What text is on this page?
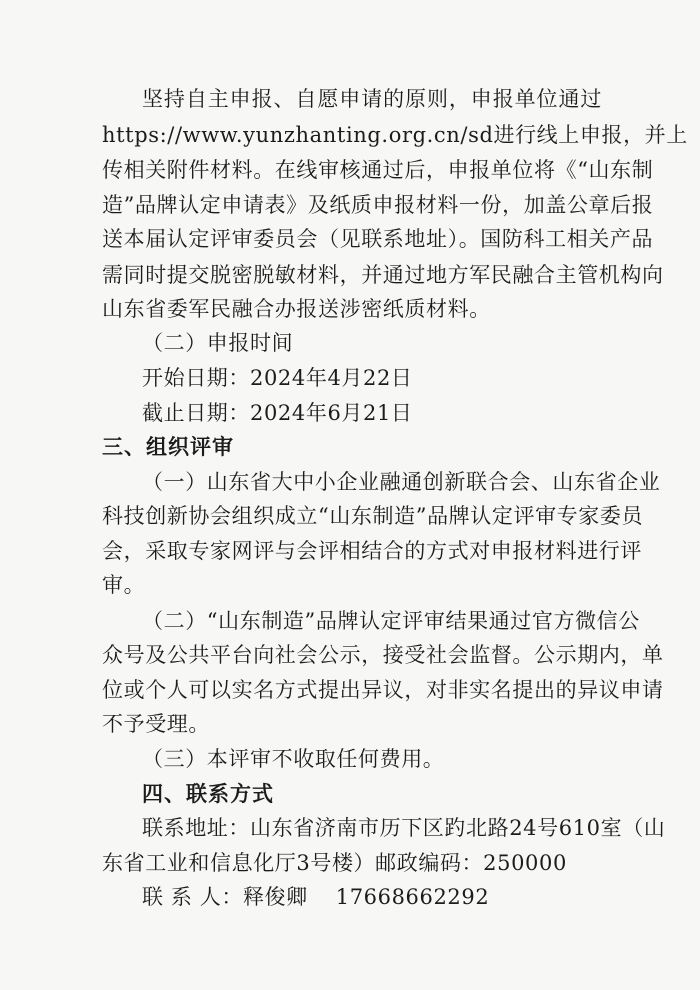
坚持自主申报、自愿申请的原则，申报单位通过
https://www.yunzhanting.org.cn/sd进行线上申报，并上
传相关附件材料。在线审核通过后，申报单位将《“山东制
造”品牌认定申请表》及纸质申报材料一份，加盖公章后报
送本届认定评审委员会（见联系地址）。国防科工相关产品
需同时提交脱密脱敏材料，并通过地方军民融合主管机构向
山东省委军民融合办报送涉密纸质材料。
（二）申报时间
开始日期：2024年4月22日
截止日期：2024年6月21日
三、组织评审
（一）山东省大中小企业融通创新联合会、山东省企业
科技创新协会组织成立“山东制造”品牌认定评审专家委员
会，采取专家网评与会评相结合的方式对申报材料进行评
审。
（二）“山东制造”品牌认定评审结果通过官方微信公
众号及公共平台向社会公示，接受社会监督。公示期内，单
位或个人可以实名方式提出异议，对非实名提出的异议申请
不予受理。
（三）本评审不收取任何费用。
四、联系方式
联系地址：山东省济南市历下区趵北路24号610室（山
东省工业和信息化厅3号楼）邮政编码：250000
联 系 人：释俊卿 17668662292
